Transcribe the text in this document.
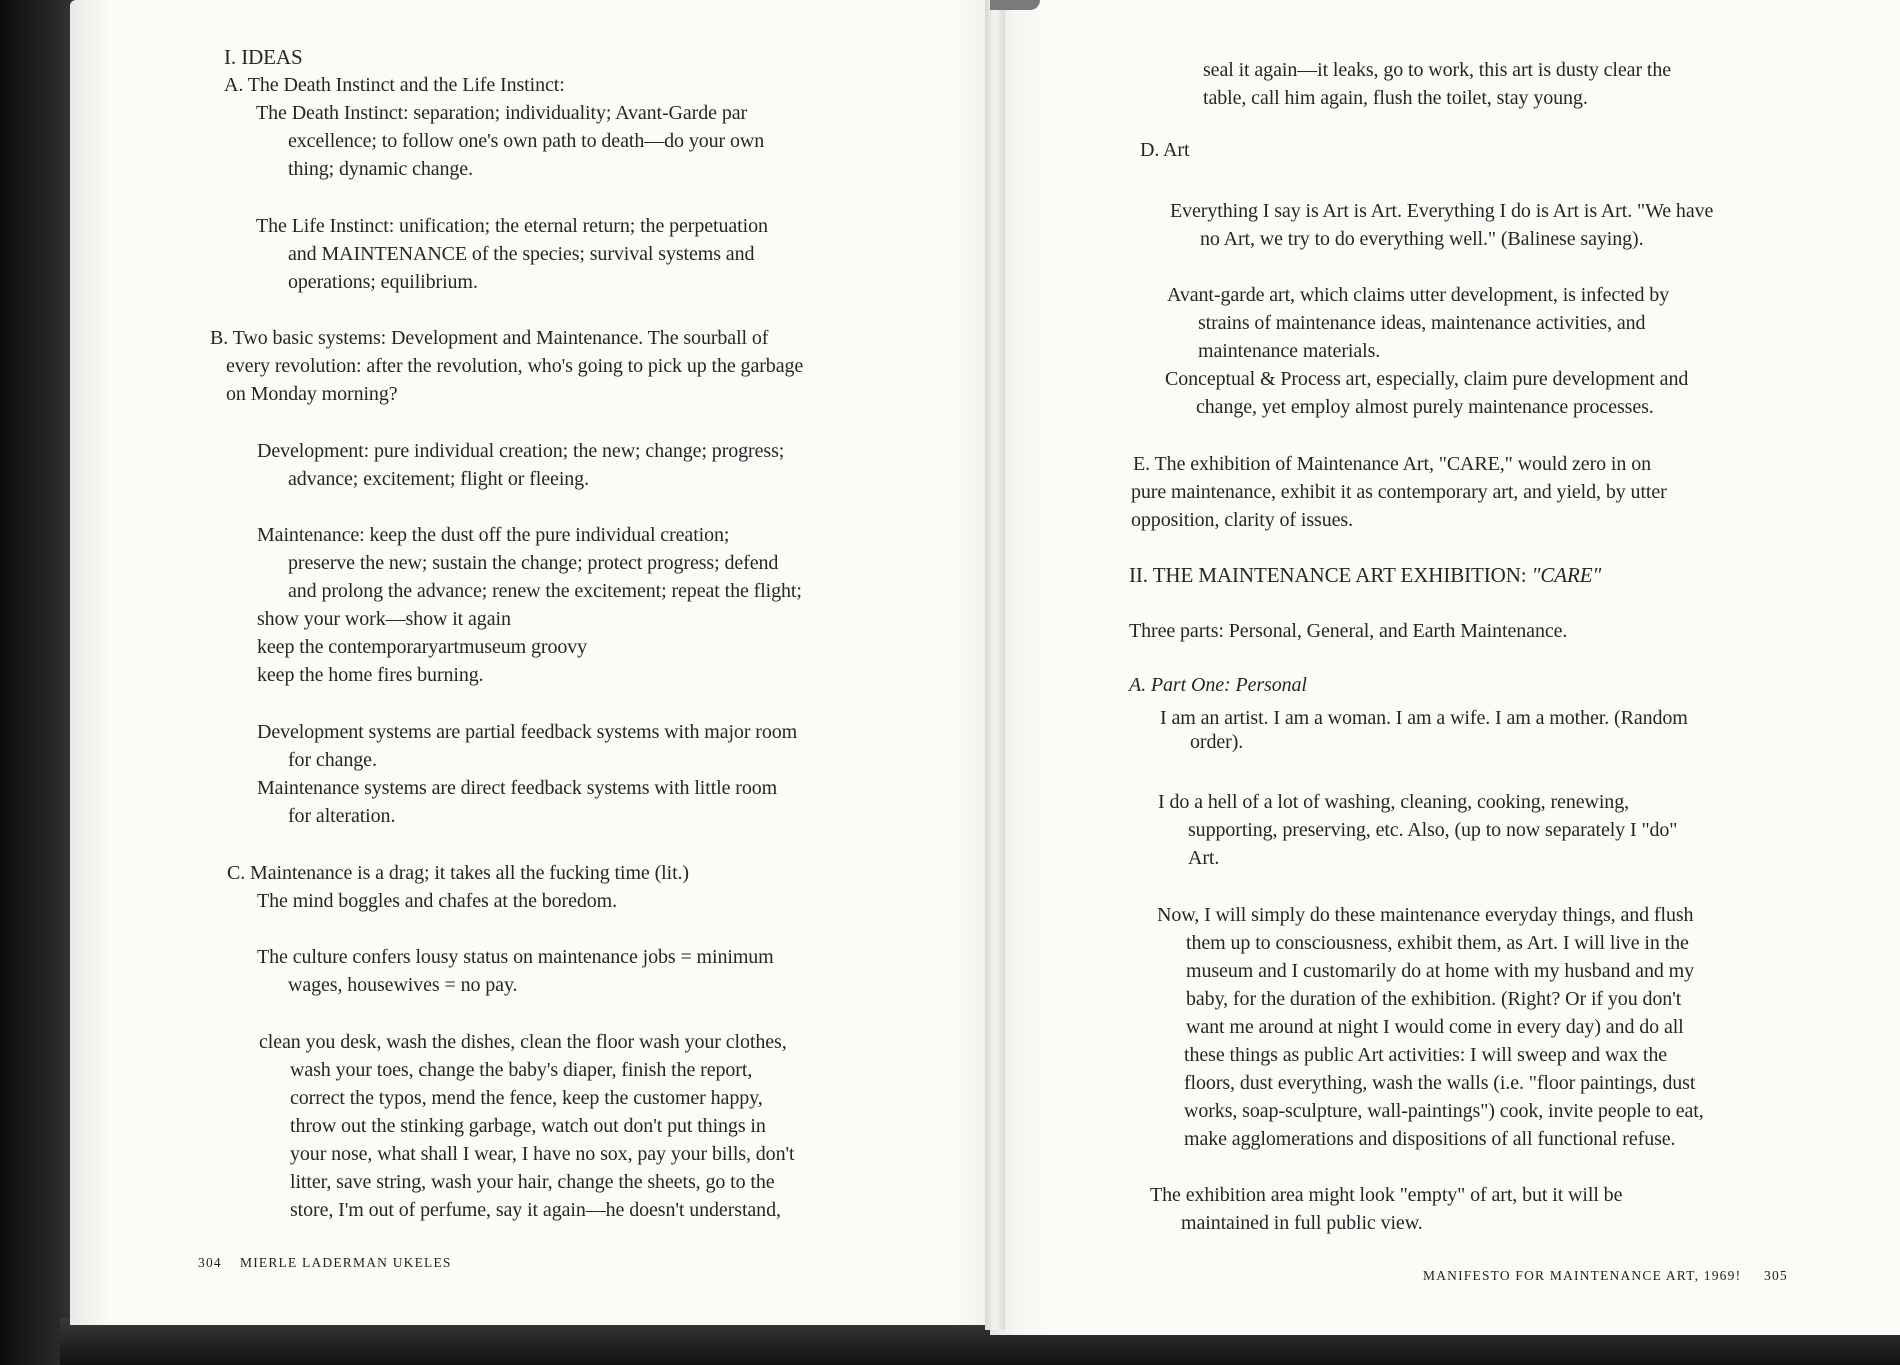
I. IDEAS

A. The Death Instinct and the Life Instinct:

The Death Instinct: separation; individuality; Avant-Garde par

excellence; to follow one's own path to death—do your own

thing; dynamic change.

The Life Instinct: unification; the eternal return; the perpetuation

and MAINTENANCE of the species; survival systems and

operations; equilibrium.

B. Two basic systems: Development and Maintenance. The sourball of

every revolution: after the revolution, who's going to pick up the garbage

on Monday morning?

Development: pure individual creation; the new; change; progress;

advance; excitement; flight or fleeing.

Maintenance: keep the dust off the pure individual creation;

preserve the new; sustain the change; protect progress; defend

and prolong the advance; renew the excitement; repeat the flight;

show your work—show it again

keep the contemporaryartmuseum groovy

keep the home fires burning.

Development systems are partial feedback systems with major room

for change.

Maintenance systems are direct feedback systems with little room

for alteration.

C. Maintenance is a drag; it takes all the fucking time (lit.)

The mind boggles and chafes at the boredom.

The culture confers lousy status on maintenance jobs = minimum

wages, housewives = no pay.

clean you desk, wash the dishes, clean the floor wash your clothes,

wash your toes, change the baby's diaper, finish the report,

correct the typos, mend the fence, keep the customer happy,

throw out the stinking garbage, watch out don't put things in

your nose, what shall I wear, I have no sox, pay your bills, don't

litter, save string, wash your hair, change the sheets, go to the

store, I'm out of perfume, say it again—he doesn't understand,

304 MIERLE LADERMAN UKELES

seal it again—it leaks, go to work, this art is dusty clear the

table, call him again, flush the toilet, stay young.

D. Art

Everything I say is Art is Art. Everything I do is Art is Art. "We have

no Art, we try to do everything well." (Balinese saying).

Avant-garde art, which claims utter development, is infected by

strains of maintenance ideas, maintenance activities, and

maintenance materials.

Conceptual & Process art, especially, claim pure development and

change, yet employ almost purely maintenance processes.

E. The exhibition of Maintenance Art, "CARE," would zero in on

pure maintenance, exhibit it as contemporary art, and yield, by utter

opposition, clarity of issues.

II. THE MAINTENANCE ART EXHIBITION: "CARE"

Three parts: Personal, General, and Earth Maintenance.

A. Part One: Personal

I am an artist. I am a woman. I am a wife. I am a mother. (Random

order).

I do a hell of a lot of washing, cleaning, cooking, renewing,

supporting, preserving, etc. Also, (up to now separately I "do"

Art.

Now, I will simply do these maintenance everyday things, and flush

them up to consciousness, exhibit them, as Art. I will live in the

museum and I customarily do at home with my husband and my

baby, for the duration of the exhibition. (Right? Or if you don't

want me around at night I would come in every day) and do all

these things as public Art activities: I will sweep and wax the

floors, dust everything, wash the walls (i.e. "floor paintings, dust

works, soap-sculpture, wall-paintings") cook, invite people to eat,

make agglomerations and dispositions of all functional refuse.

The exhibition area might look "empty" of art, but it will be

maintained in full public view.

MANIFESTO FOR MAINTENANCE ART, 1969! 305
